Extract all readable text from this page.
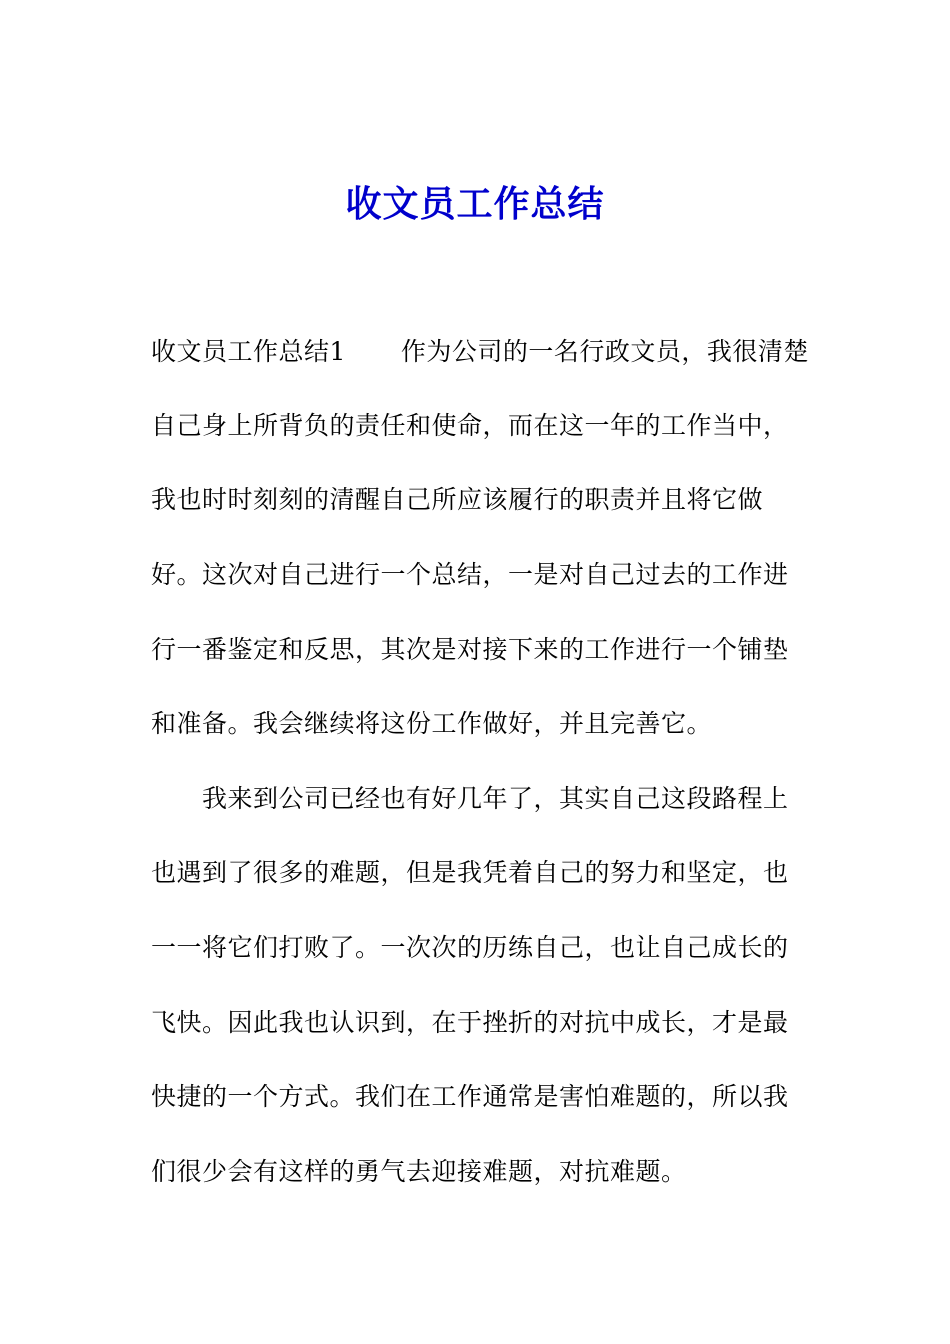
收文员工作总结
收文员工作总结1 作为公司的一名行政文员，我很清楚
自己身上所背负的责任和使命，而在这一年的工作当中，
我也时时刻刻的清醒自己所应该履行的职责并且将它做
好。这次对自己进行一个总结，一是对自己过去的工作进
行一番鉴定和反思，其次是对接下来的工作进行一个铺垫
和准备。我会继续将这份工作做好，并且完善它。
我来到公司已经也有好几年了，其实自己这段路程上
也遇到了很多的难题，但是我凭着自己的努力和坚定，也
一一将它们打败了。一次次的历练自己，也让自己成长的
飞快。因此我也认识到，在于挫折的对抗中成长，才是最
快捷的一个方式。我们在工作通常是害怕难题的，所以我
们很少会有这样的勇气去迎接难题，对抗难题。
